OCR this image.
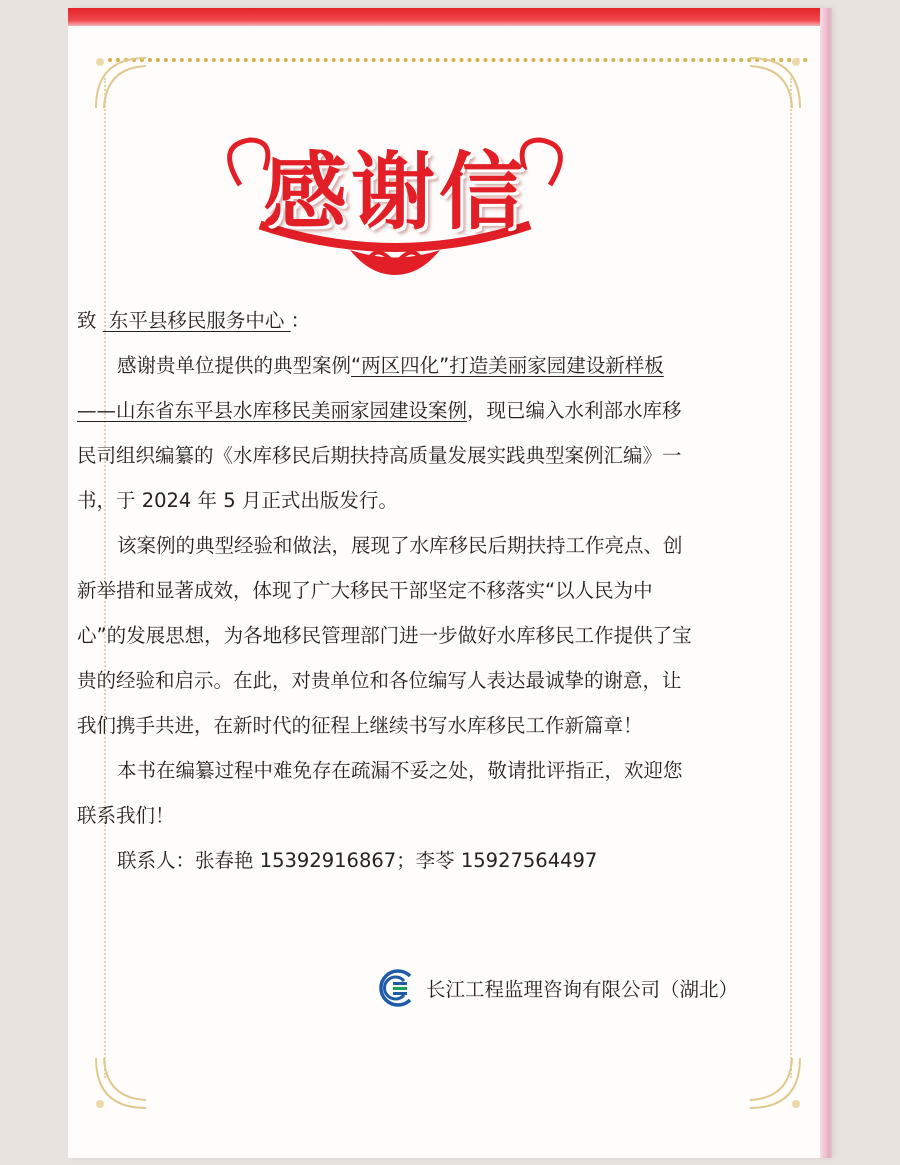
感谢信

致 东平县移民服务中心 ：

感谢贵单位提供的典型案例“两区四化”打造美丽家园建设新样板——山东省东平县水库移民美丽家园建设案例，现已编入水利部水库移民司组织编纂的《水库移民后期扶持高质量发展实践典型案例汇编》一书，于 2024 年 5 月正式出版发行。

该案例的典型经验和做法，展现了水库移民后期扶持工作亮点、创新举措和显著成效，体现了广大移民干部坚定不移落实“以人民为中心”的发展思想，为各地移民管理部门进一步做好水库移民工作提供了宝贵的经验和启示。在此，对贵单位和各位编写人表达最诚挚的谢意，让我们携手共进，在新时代的征程上继续书写水库移民工作新篇章！

本书在编纂过程中难免存在疏漏不妥之处，敬请批评指正，欢迎您联系我们！

联系人：张春艳 15392916867；李苓 15927564497

长江工程监理咨询有限公司（湖北）
